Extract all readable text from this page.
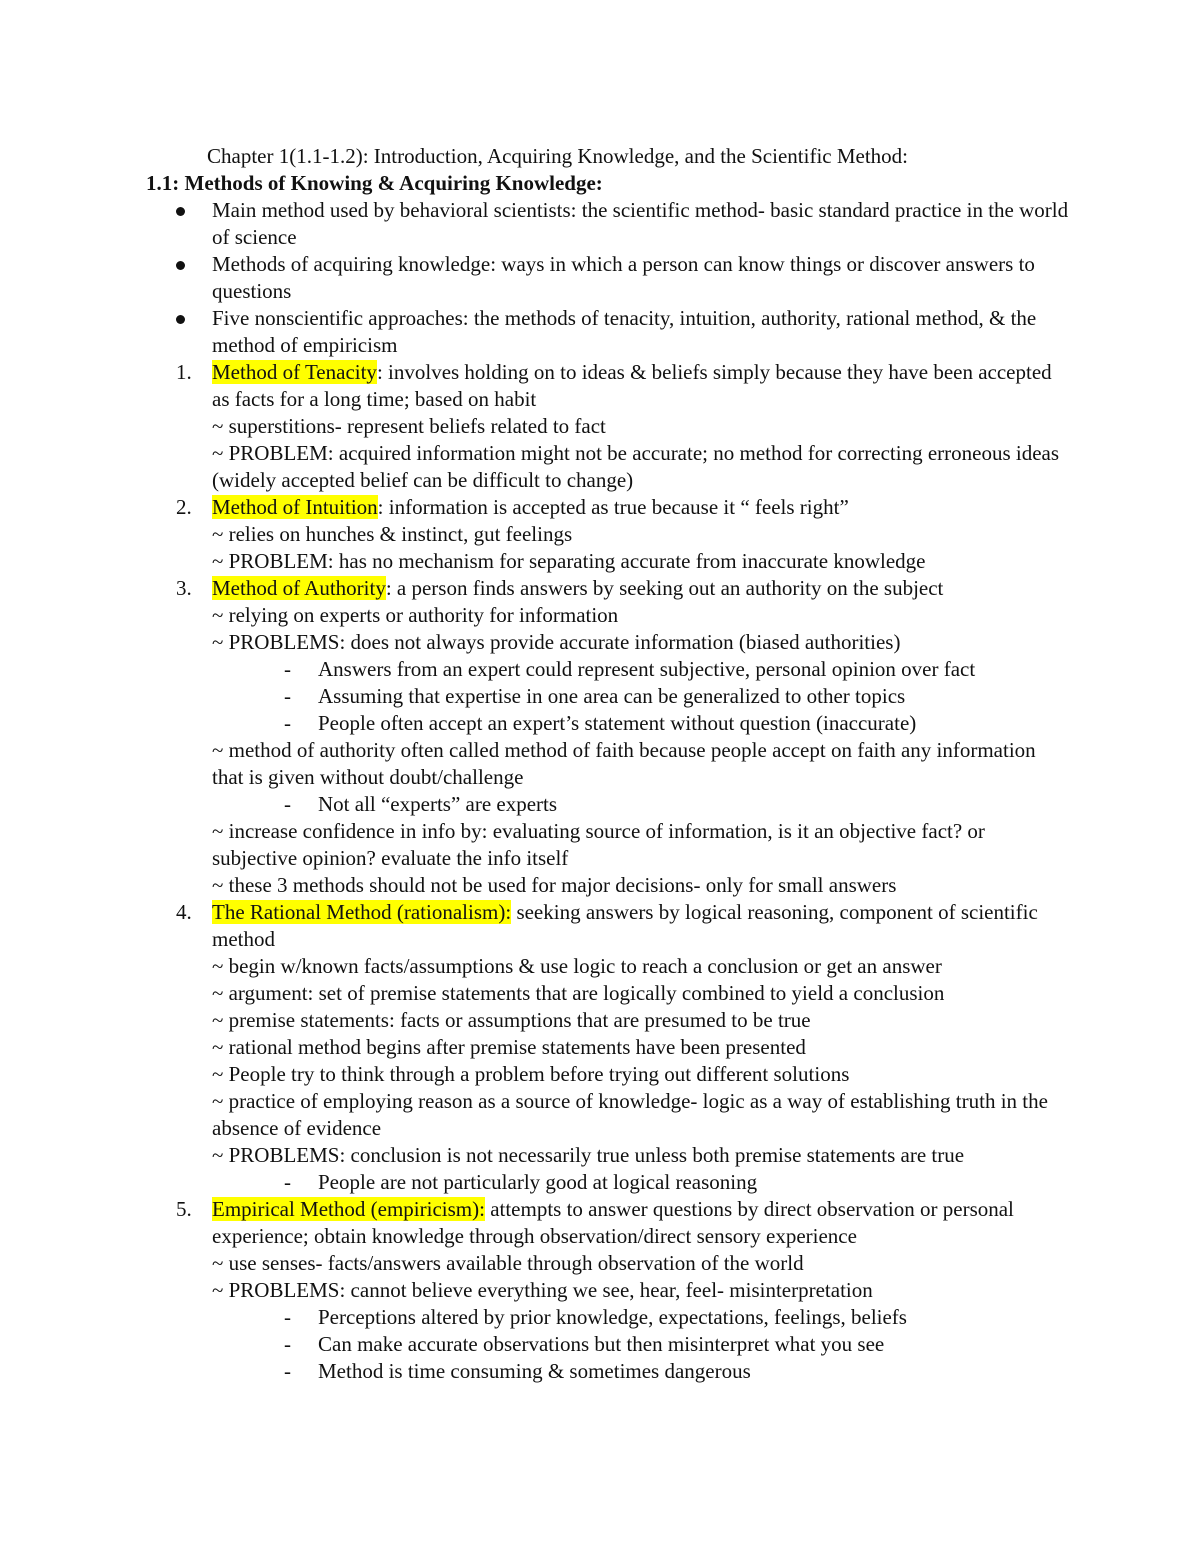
Chapter 1(1.1-1.2): Introduction, Acquiring Knowledge, and the Scientific Method:
1.1: Methods of Knowing & Acquiring Knowledge:
Main method used by behavioral scientists: the scientific method- basic standard practice in the world of science
Methods of acquiring knowledge: ways in which a person can know things or discover answers to questions
Five nonscientific approaches: the methods of tenacity, intuition, authority, rational method, & the method of empiricism
1. Method of Tenacity: involves holding on to ideas & beliefs simply because they have been accepted as facts for a long time; based on habit

~ superstitions- represent beliefs related to fact
~ PROBLEM: acquired information might not be accurate; no method for correcting erroneous ideas (widely accepted belief can be difficult to change)
2. Method of Intuition: information is accepted as true because it “ feels right”

~ relies on hunches & instinct, gut feelings
~ PROBLEM: has no mechanism for separating accurate from inaccurate knowledge
3. Method of Authority: a person finds answers by seeking out an authority on the subject

~ relying on experts or authority for information
~ PROBLEMS: does not always provide accurate information (biased authorities)
- Answers from an expert could represent subjective, personal opinion over fact
- Assuming that expertise in one area can be generalized to other topics
- People often accept an expert’s statement without question (inaccurate)
~ method of authority often called method of faith because people accept on faith any information that is given without doubt/challenge
- Not all “experts” are experts
~ increase confidence in info by: evaluating source of information, is it an objective fact? or subjective opinion? evaluate the info itself
~ these 3 methods should not be used for major decisions- only for small answers
4. The Rational Method (rationalism): seeking answers by logical reasoning, component of scientific method

~ begin w/known facts/assumptions & use logic to reach a conclusion or get an answer
~ argument: set of premise statements that are logically combined to yield a conclusion
~ premise statements: facts or assumptions that are presumed to be true
~ rational method begins after premise statements have been presented
~ People try to think through a problem before trying out different solutions
~ practice of employing reason as a source of knowledge- logic as a way of establishing truth in the absence of evidence
~ PROBLEMS: conclusion is not necessarily true unless both premise statements are true
- People are not particularly good at logical reasoning
5. Empirical Method (empiricism): attempts to answer questions by direct observation or personal experience; obtain knowledge through observation/direct sensory experience

~ use senses- facts/answers available through observation of the world
~ PROBLEMS: cannot believe everything we see, hear, feel- misinterpretation
- Perceptions altered by prior knowledge, expectations, feelings, beliefs
- Can make accurate observations but then misinterpret what you see
- Method is time consuming & sometimes dangerous
